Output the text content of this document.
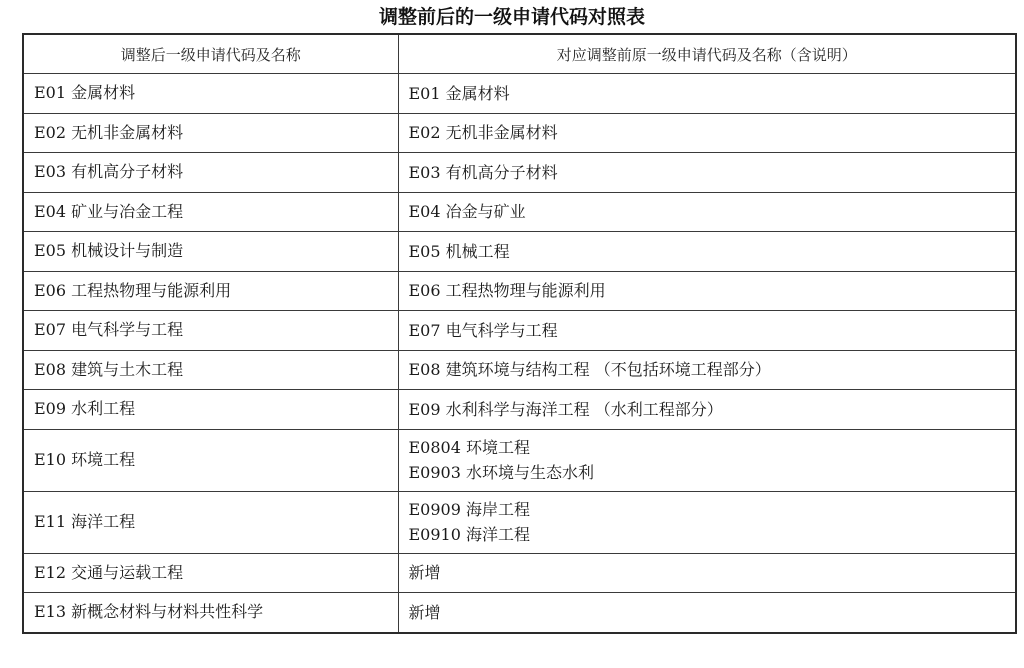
调整前后的一级申请代码对照表
调整后一级申请代码及名称	对应调整前原一级申请代码及名称（含说明）
E01 金属材料	E01 金属材料

E02 无机非金属材料	E02 无机非金属材料

E03 有机高分子材料	E03 有机高分子材料

E04 矿业与冶金工程	E04 冶金与矿业

E05 机械设计与制造	E05 机械工程

E06 工程热物理与能源利用	E06 工程热物理与能源利用

E07 电气科学与工程	E07 电气科学与工程

E08 建筑与土木工程	E08 建筑环境与结构工程 （不包括环境工程部分）

E09 水利工程	E09 水利科学与海洋工程 （水利工程部分）

E10 环境工程	E0804 环境工程
E0903 水环境与生态水利

E11 海洋工程	E0909 海岸工程
E0910 海洋工程

E12 交通与运载工程	新增

E13 新概念材料与材料共性科学	新增
